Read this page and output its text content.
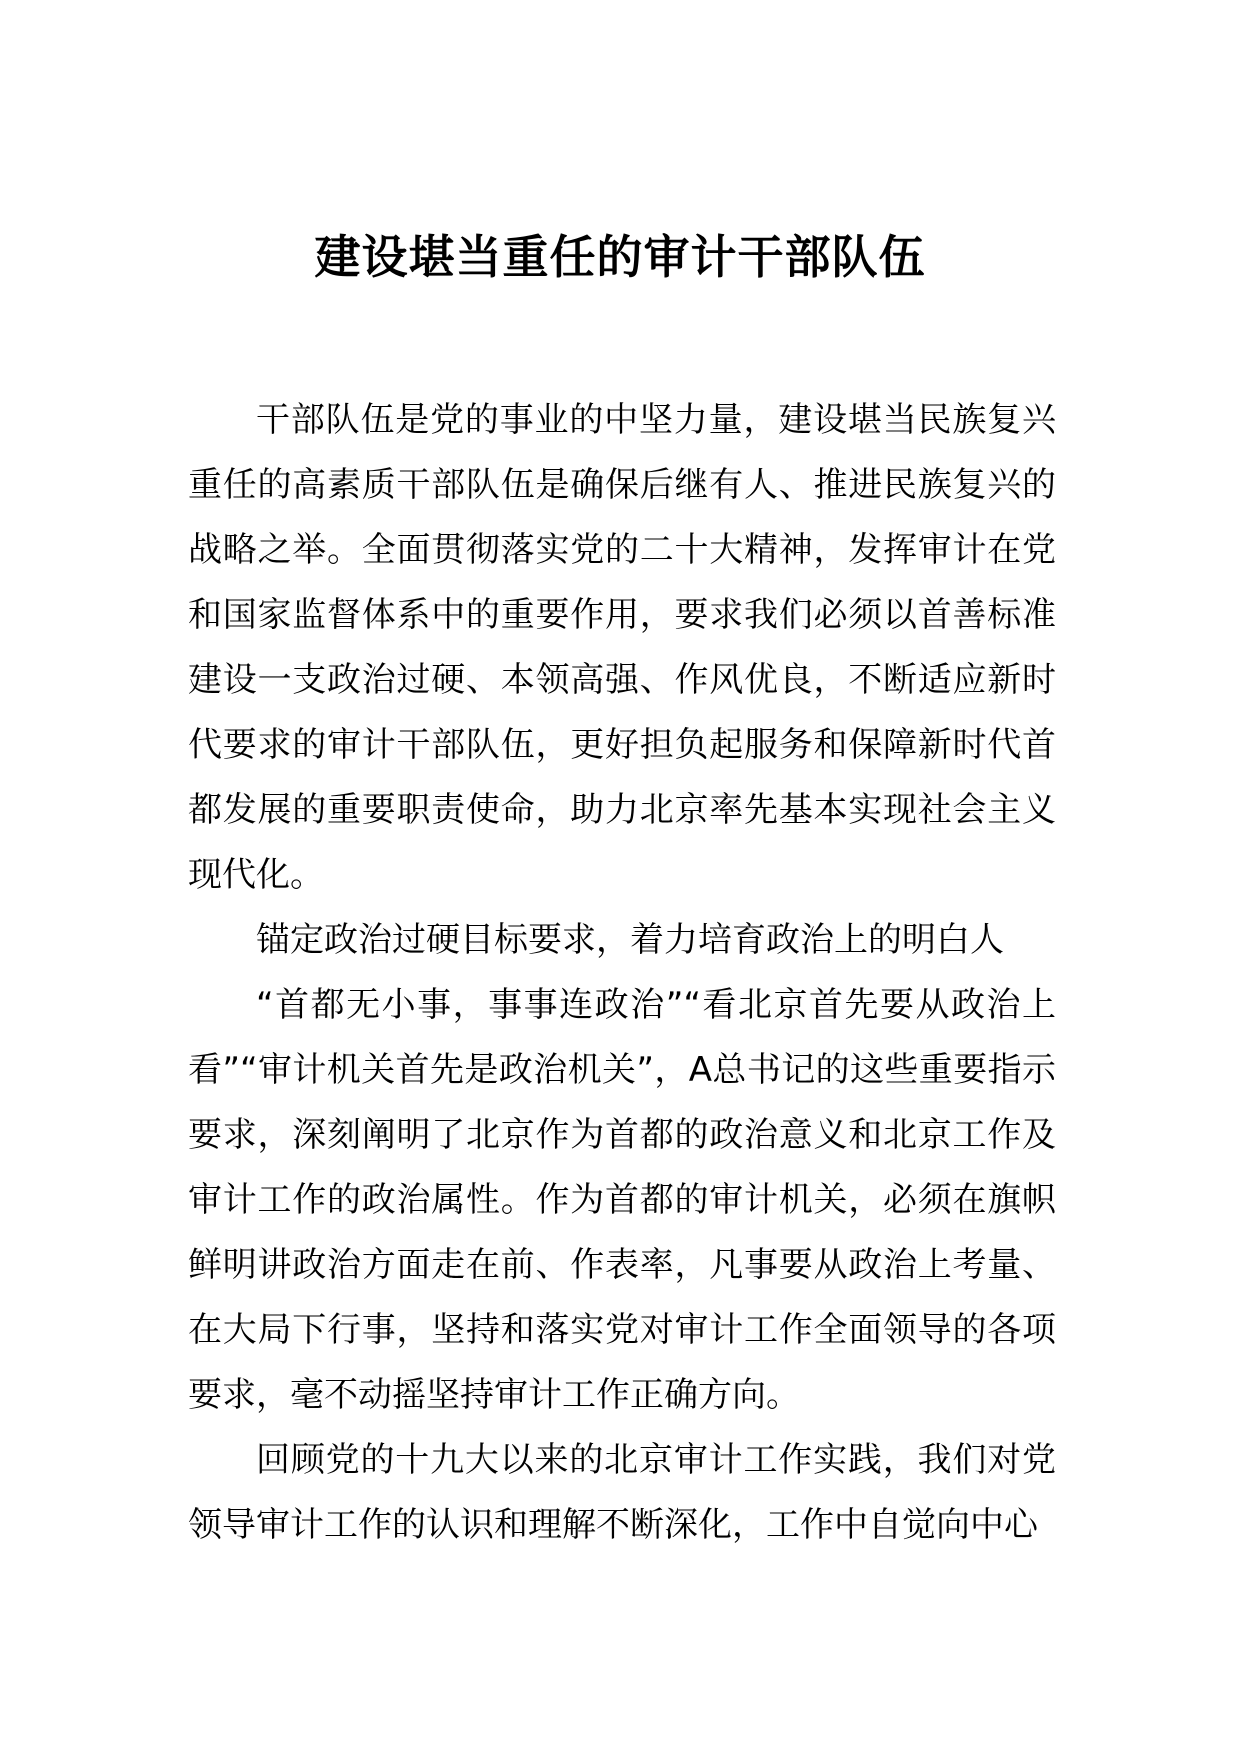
建设堪当重任的审计干部队伍

干部队伍是党的事业的中坚力量，建设堪当民族复兴重任的高素质干部队伍是确保后继有人、推进民族复兴的战略之举。全面贯彻落实党的二十大精神，发挥审计在党和国家监督体系中的重要作用，要求我们必须以首善标准建设一支政治过硬、本领高强、作风优良，不断适应新时代要求的审计干部队伍，更好担负起服务和保障新时代首都发展的重要职责使命，助力北京率先基本实现社会主义现代化。

锚定政治过硬目标要求，着力培育政治上的明白人

“首都无小事，事事连政治”“看北京首先要从政治上看”“审计机关首先是政治机关”，A总书记的这些重要指示要求，深刻阐明了北京作为首都的政治意义和北京工作及审计工作的政治属性。作为首都的审计机关，必须在旗帜鲜明讲政治方面走在前、作表率，凡事要从政治上考量、在大局下行事，坚持和落实党对审计工作全面领导的各项要求，毫不动摇坚持审计工作正确方向。

回顾党的十九大以来的北京审计工作实践，我们对党领导审计工作的认识和理解不断深化，工作中自觉向中心
